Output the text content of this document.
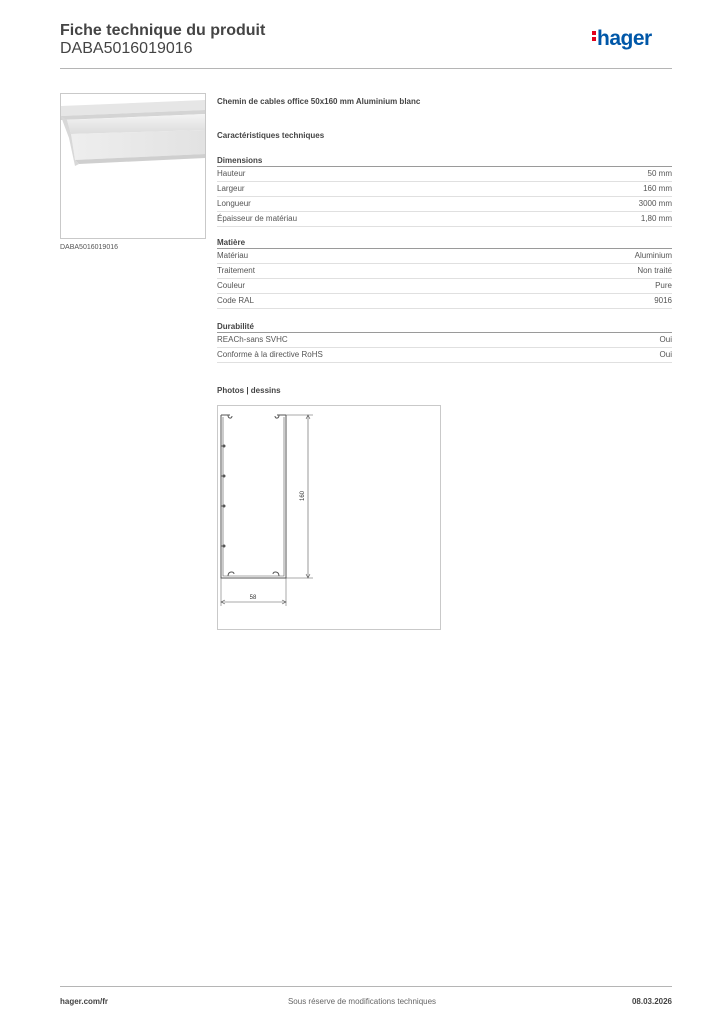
Fiche technique du produit
DABA5016019016	hager
DABA5016019016
Chemin de cables office 50x160 mm Aluminium blanc
Caractéristiques techniques
Dimensions
Hauteur	50 mm
Largeur	160 mm
Longueur	3000 mm
Épaisseur de matériau	1,80 mm
Matière
Matériau	Aluminium
Traitement	Non traité
Couleur	Pure
Code RAL	9016
Durabilité
REACh-sans SVHC	Oui
Conforme à la directive RoHS	Oui
Photos | dessins
160
58
hager.com/fr	Sous réserve de modifications techniques	08.03.2026
